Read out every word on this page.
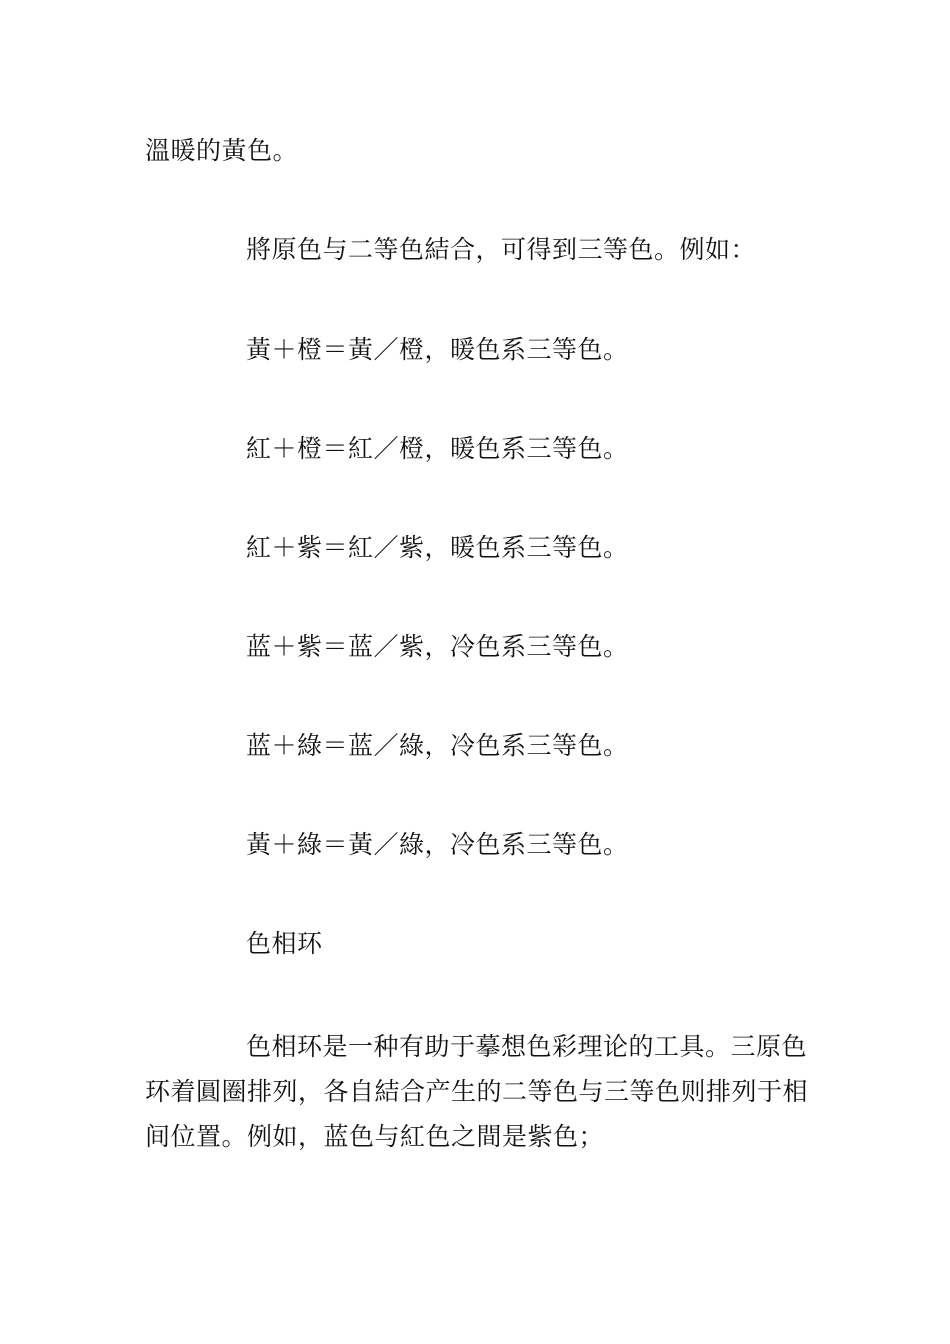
溫暖的黃色。
將原色与二等色結合，可得到三等色。例如：
黃＋橙＝黃／橙，暖色系三等色。
紅＋橙＝紅／橙，暖色系三等色。
紅＋紫＝紅／紫，暖色系三等色。
蓝＋紫＝蓝／紫，冷色系三等色。
蓝＋綠＝蓝／綠，冷色系三等色。
黃＋綠＝黃／綠，冷色系三等色。
色相环
色相环是一种有助于摹想色彩理论的工具。三原色
环着圓圈排列，各自結合产生的二等色与三等色则排列于相
间位置。例如，蓝色与紅色之間是紫色；
